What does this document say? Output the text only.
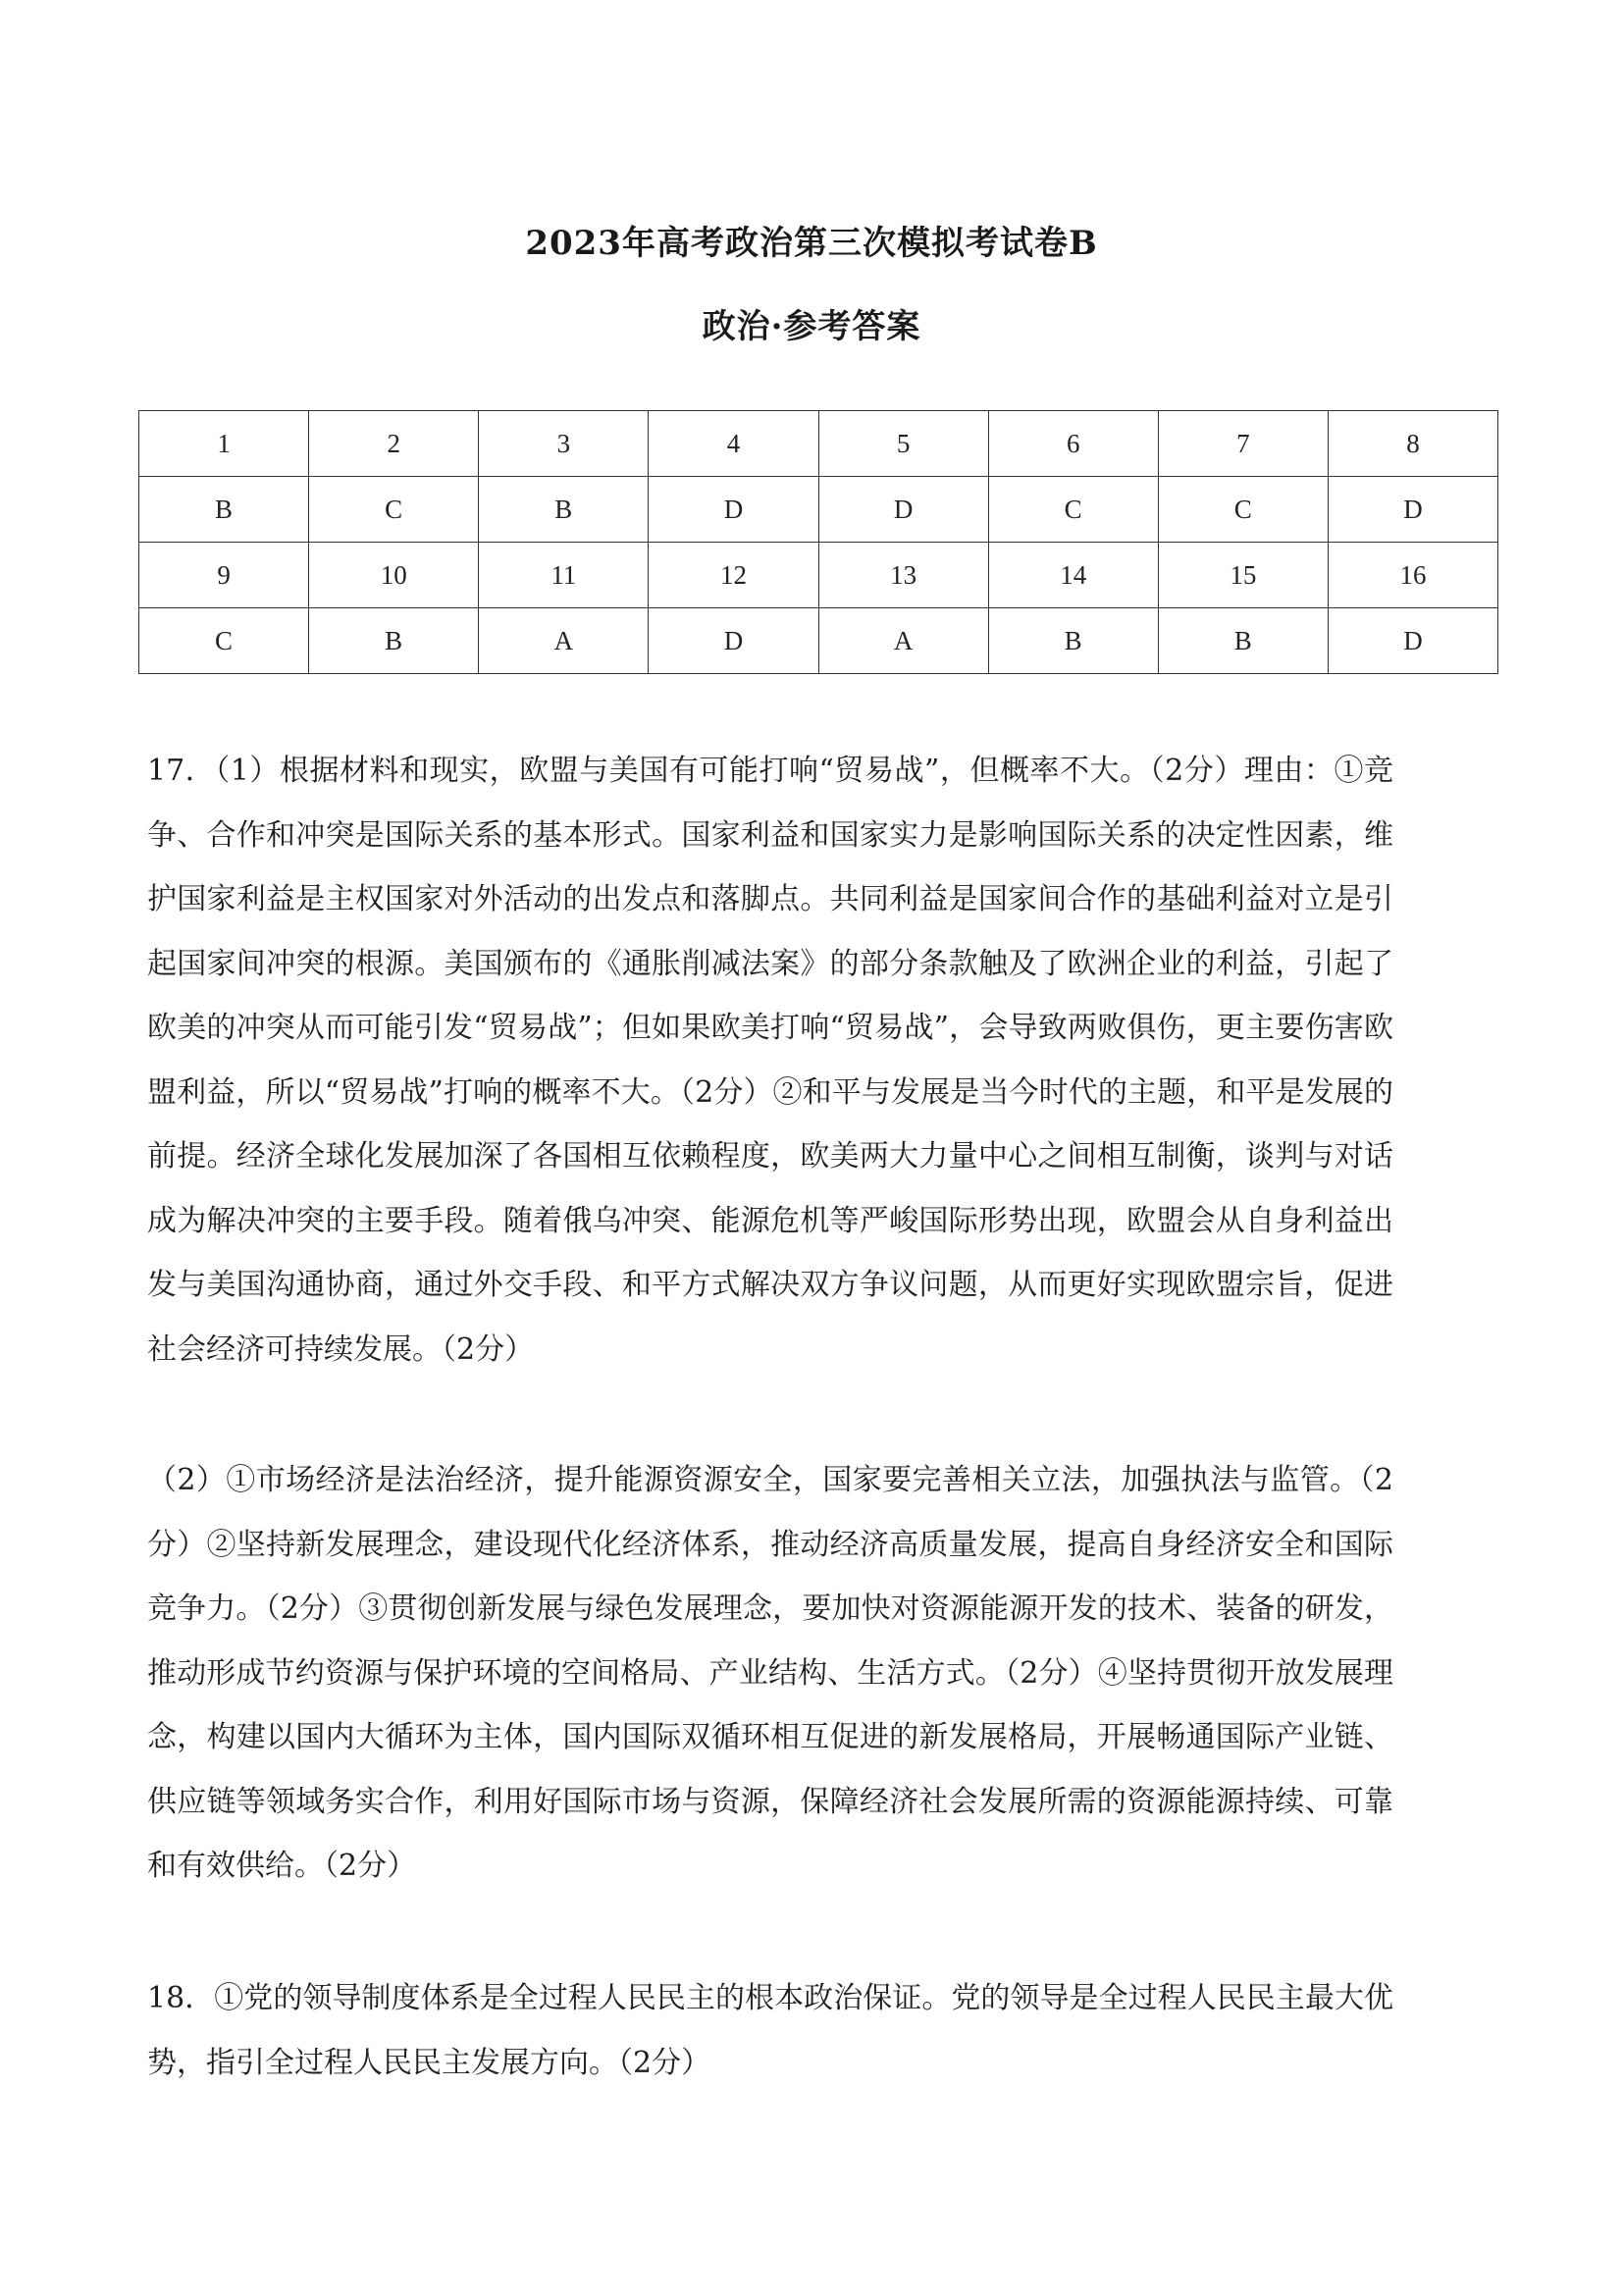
2023年高考政治第三次模拟考试卷B
政治·参考答案
1	2	3	4	5	6	7	8
B	C	B	D	D	C	C	D
9	10	11	12	13	14	15	16
C	B	A	D	A	B	B	D
17．（1）根据材料和现实，欧盟与美国有可能打响“贸易战”，但概率不大。（2分）理由：①竞争、合作和冲突是国际关系的基本形式。国家利益和国家实力是影响国际关系的决定性因素，维护国家利益是主权国家对外活动的出发点和落脚点。共同利益是国家间合作的基础利益对立是引起国家间冲突的根源。美国颁布的《通胀削减法案》的部分条款触及了欧洲企业的利益，引起了欧美的冲突从而可能引发“贸易战”；但如果欧美打响“贸易战”，会导致两败俱伤，更主要伤害欧盟利益，所以“贸易战”打响的概率不大。（2分）②和平与发展是当今时代的主题，和平是发展的前提。经济全球化发展加深了各国相互依赖程度，欧美两大力量中心之间相互制衡，谈判与对话成为解决冲突的主要手段。随着俄乌冲突、能源危机等严峻国际形势出现，欧盟会从自身利益出发与美国沟通协商，通过外交手段、和平方式解决双方争议问题，从而更好实现欧盟宗旨，促进社会经济可持续发展。（2分）
（2）①市场经济是法治经济，提升能源资源安全，国家要完善相关立法，加强执法与监管。（2分）②坚持新发展理念，建设现代化经济体系，推动经济高质量发展，提高自身经济安全和国际竞争力。（2分）③贯彻创新发展与绿色发展理念，要加快对资源能源开发的技术、装备的研发，推动形成节约资源与保护环境的空间格局、产业结构、生活方式。（2分）④坚持贯彻开放发展理念，构建以国内大循环为主体，国内国际双循环相互促进的新发展格局，开展畅通国际产业链、供应链等领域务实合作，利用好国际市场与资源，保障经济社会发展所需的资源能源持续、可靠和有效供给。（2分）
18．①党的领导制度体系是全过程人民民主的根本政治保证。党的领导是全过程人民民主最大优势，指引全过程人民民主发展方向。（2分）
